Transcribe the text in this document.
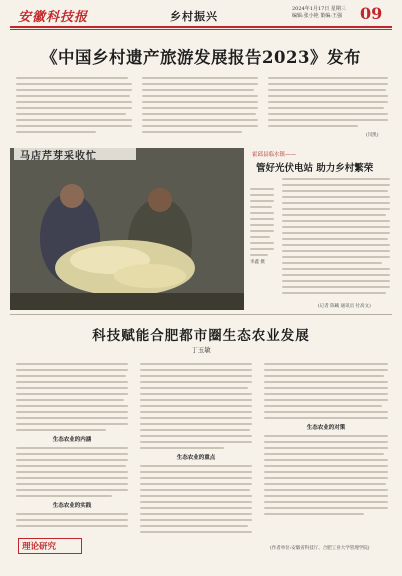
安徽科技报	乡村振兴
2024年1月17日 星期三
编辑:张小艳 策编:王强 09
《中国乡村遗产旅游发展报告2023》发布
(闫凯)
马店芹芽采收忙
李鑫 摄
霍邱县临水镇——
管好光伏电站 助力乡村繁荣
(记者 陈曦 通讯员 付高文)
科技赋能合肥都市圈生态农业发展
丁玉敏
生态农业的内涵
生态农业的实践
生态农业的重点
生态农业的对策
理论研究	(作者单位:安徽省科技厅、合肥工业大学管理学院)
